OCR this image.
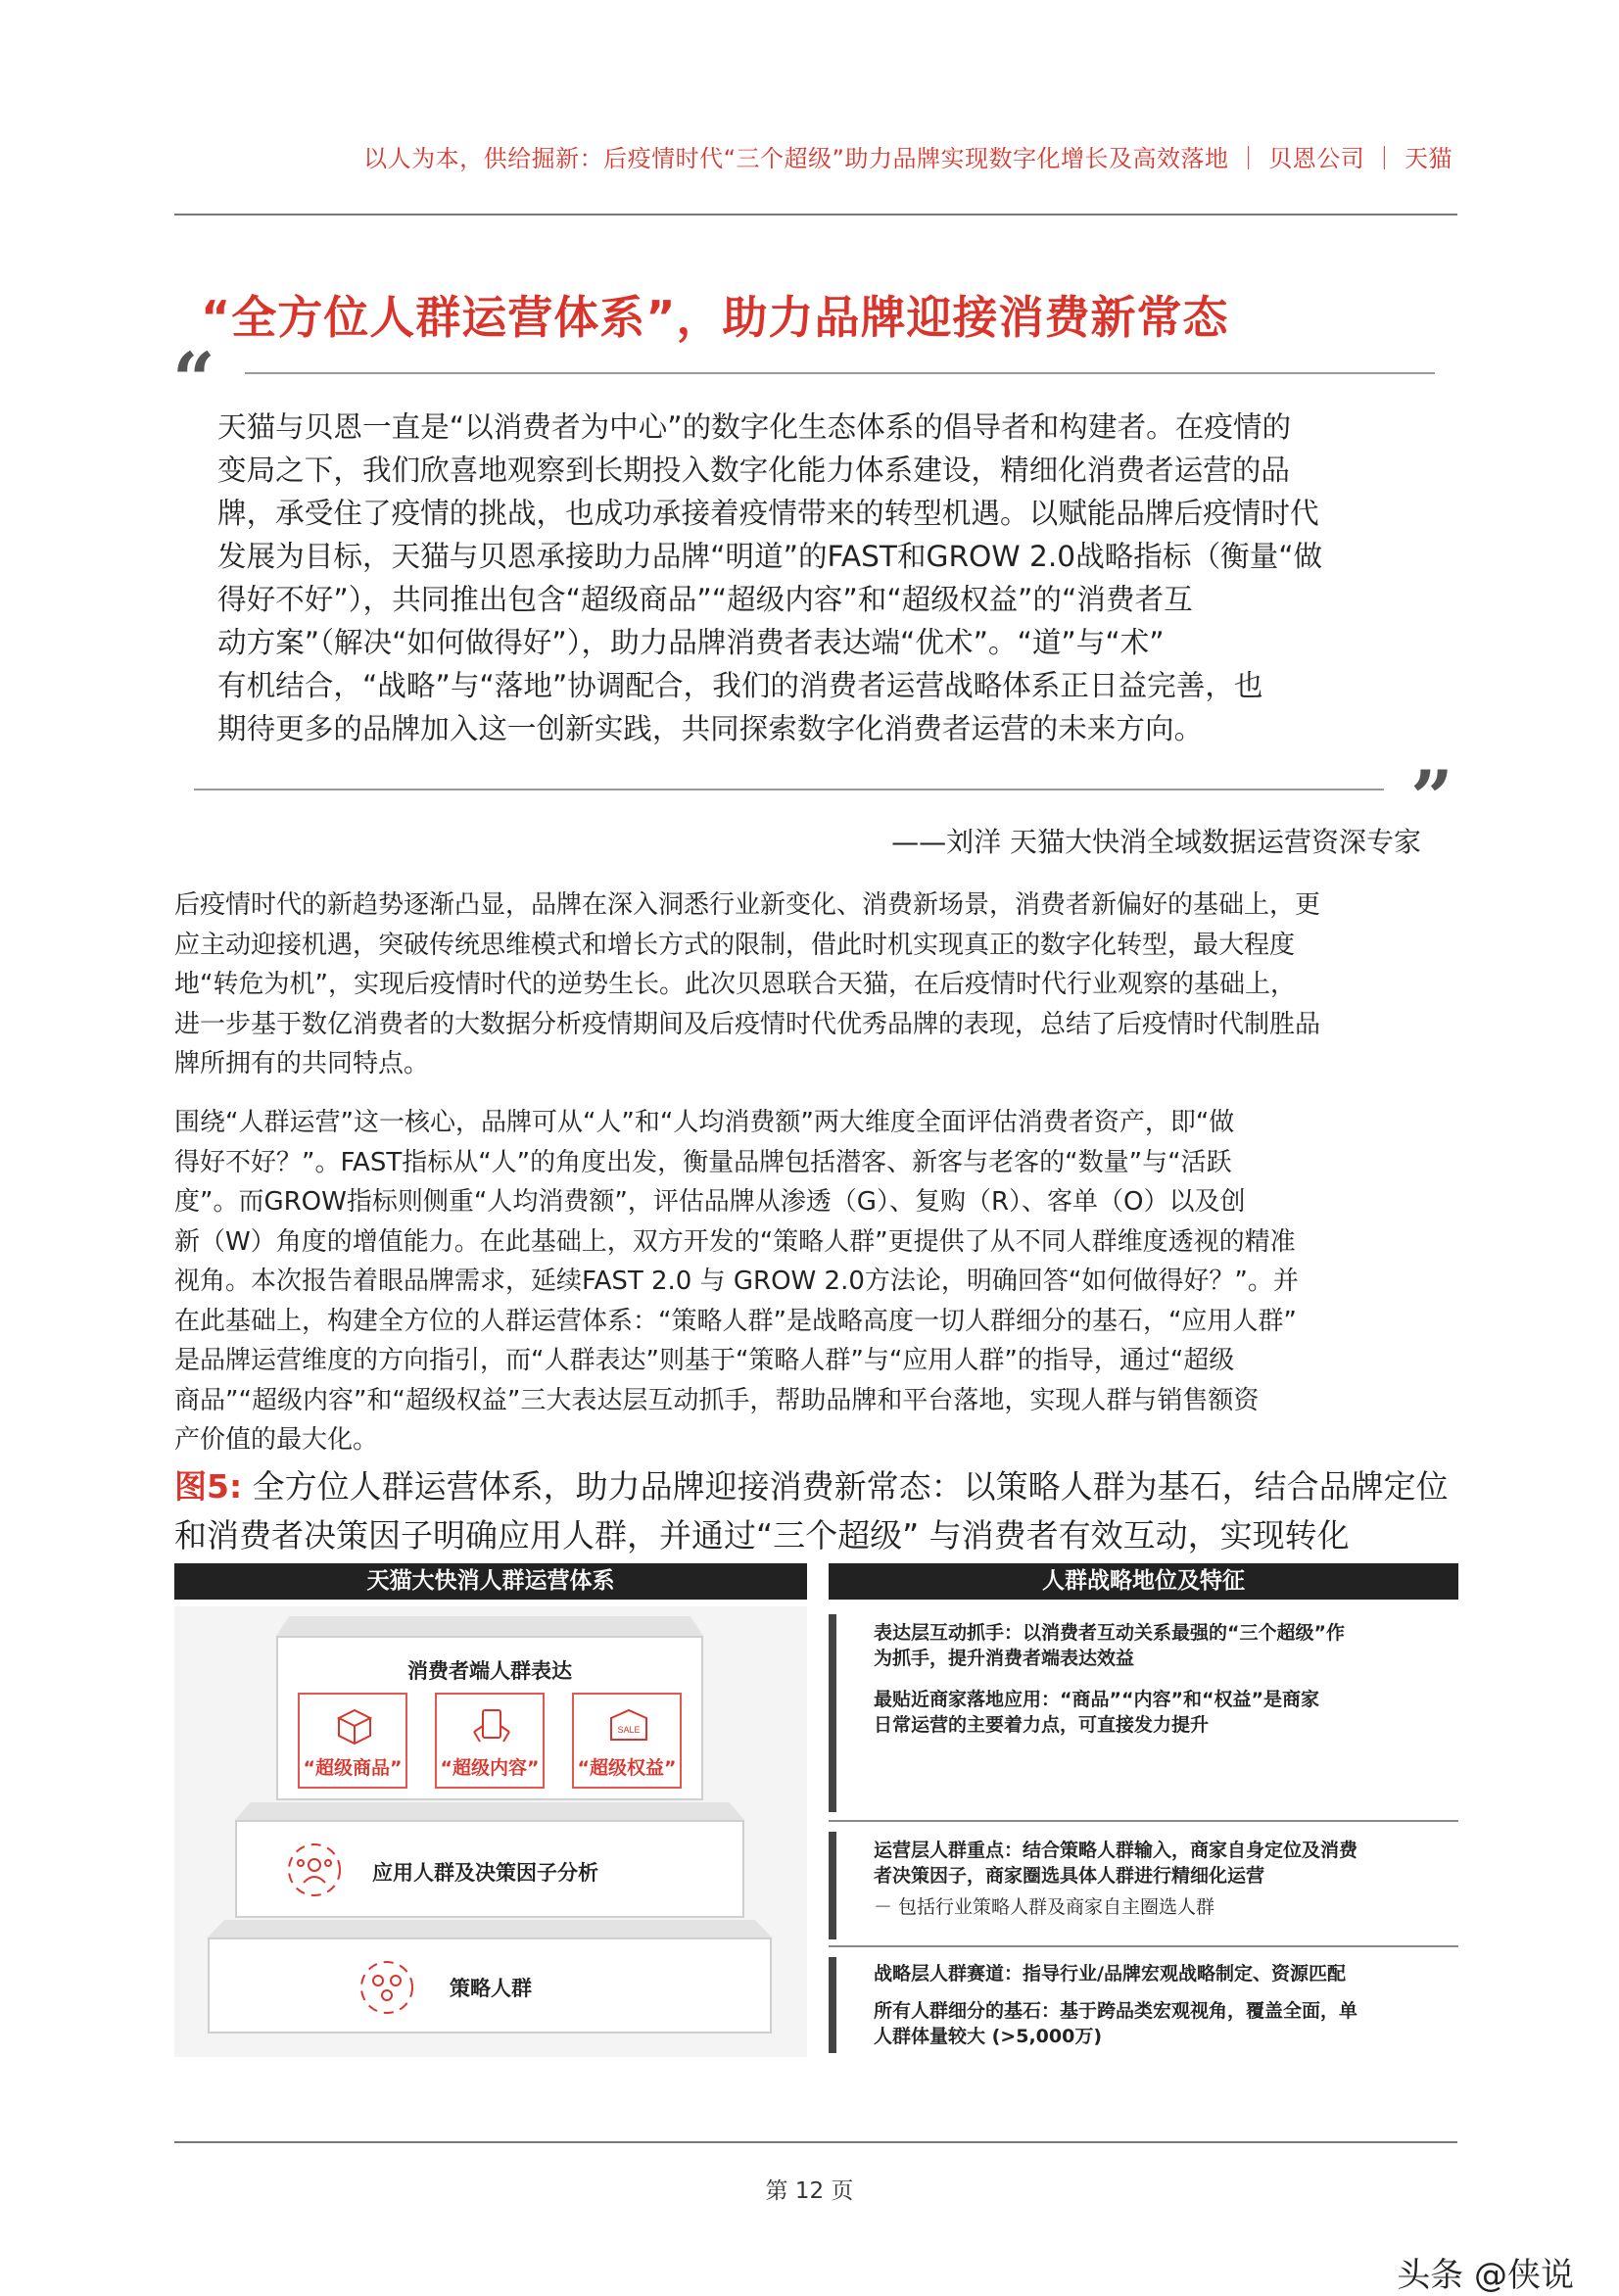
以人为本，供给掘新：后疫情时代“三个超级”助力品牌实现数字化增长及高效落地 ｜ 贝恩公司 ｜ 天猫
“全方位人群运营体系”，助力品牌迎接消费新常态
“
天猫与贝恩一直是“以消费者为中心”的数字化生态体系的倡导者和构建者。在疫情的
变局之下，我们欣喜地观察到长期投入数字化能力体系建设，精细化消费者运营的品
牌，承受住了疫情的挑战，也成功承接着疫情带来的转型机遇。以赋能品牌后疫情时代
发展为目标，天猫与贝恩承接助力品牌“明道”的FAST和GROW 2.0战略指标（衡量“做
得好不好”），共同推出包含“超级商品”“超级内容”和“超级权益”的“消费者互
动方案”（解决“如何做得好”），助力品牌消费者表达端“优术”。“道”与“术”
有机结合，“战略”与“落地”协调配合，我们的消费者运营战略体系正日益完善，也
期待更多的品牌加入这一创新实践，共同探索数字化消费者运营的未来方向。
”
——刘洋 天猫大快消全域数据运营资深专家
后疫情时代的新趋势逐渐凸显，品牌在深入洞悉行业新变化、消费新场景，消费者新偏好的基础上，更
应主动迎接机遇，突破传统思维模式和增长方式的限制，借此时机实现真正的数字化转型，最大程度
地“转危为机”，实现后疫情时代的逆势生长。此次贝恩联合天猫，在后疫情时代行业观察的基础上，
进一步基于数亿消费者的大数据分析疫情期间及后疫情时代优秀品牌的表现，总结了后疫情时代制胜品
牌所拥有的共同特点。
围绕“人群运营”这一核心，品牌可从“人”和“人均消费额”两大维度全面评估消费者资产，即“做
得好不好？”。FAST指标从“人”的角度出发，衡量品牌包括潜客、新客与老客的“数量”与“活跃
度”。而GROW指标则侧重“人均消费额”，评估品牌从渗透（G）、复购（R）、客单（O）以及创
新（W）角度的增值能力。在此基础上，双方开发的“策略人群”更提供了从不同人群维度透视的精准
视角。本次报告着眼品牌需求，延续FAST 2.0 与 GROW 2.0方法论，明确回答“如何做得好？”。并
在此基础上，构建全方位的人群运营体系：“策略人群”是战略高度一切人群细分的基石，“应用人群”
是品牌运营维度的方向指引，而“人群表达”则基于“策略人群”与“应用人群”的指导，通过“超级
商品”“超级内容”和“超级权益”三大表达层互动抓手，帮助品牌和平台落地，实现人群与销售额资
产价值的最大化。
图5: 全方位人群运营体系，助力品牌迎接消费新常态：以策略人群为基石，结合品牌定位
和消费者决策因子明确应用人群，并通过“三个超级” 与消费者有效互动，实现转化
天猫大快消人群运营体系	人群战略地位及特征
策略人群
应用人群及决策因子分析
消费者端人群表达
“超级商品” “超级内容”
SALE
“超级权益”
表达层互动抓手：以消费者互动关系最强的“三个超级”作
为抓手，提升消费者端表达效益
最贴近商家落地应用：“商品”“内容”和“权益”是商家
日常运营的主要着力点，可直接发力提升
运营层人群重点：结合策略人群输入，商家自身定位及消费
者决策因子，商家圈选具体人群进行精细化运营
－ 包括行业策略人群及商家自主圈选人群
战略层人群赛道：指导行业/品牌宏观战略制定、资源匹配
所有人群细分的基石：基于跨品类宏观视角，覆盖全面，单
人群体量较大 (>5,000万)
第 12 页
头条 @侠说
